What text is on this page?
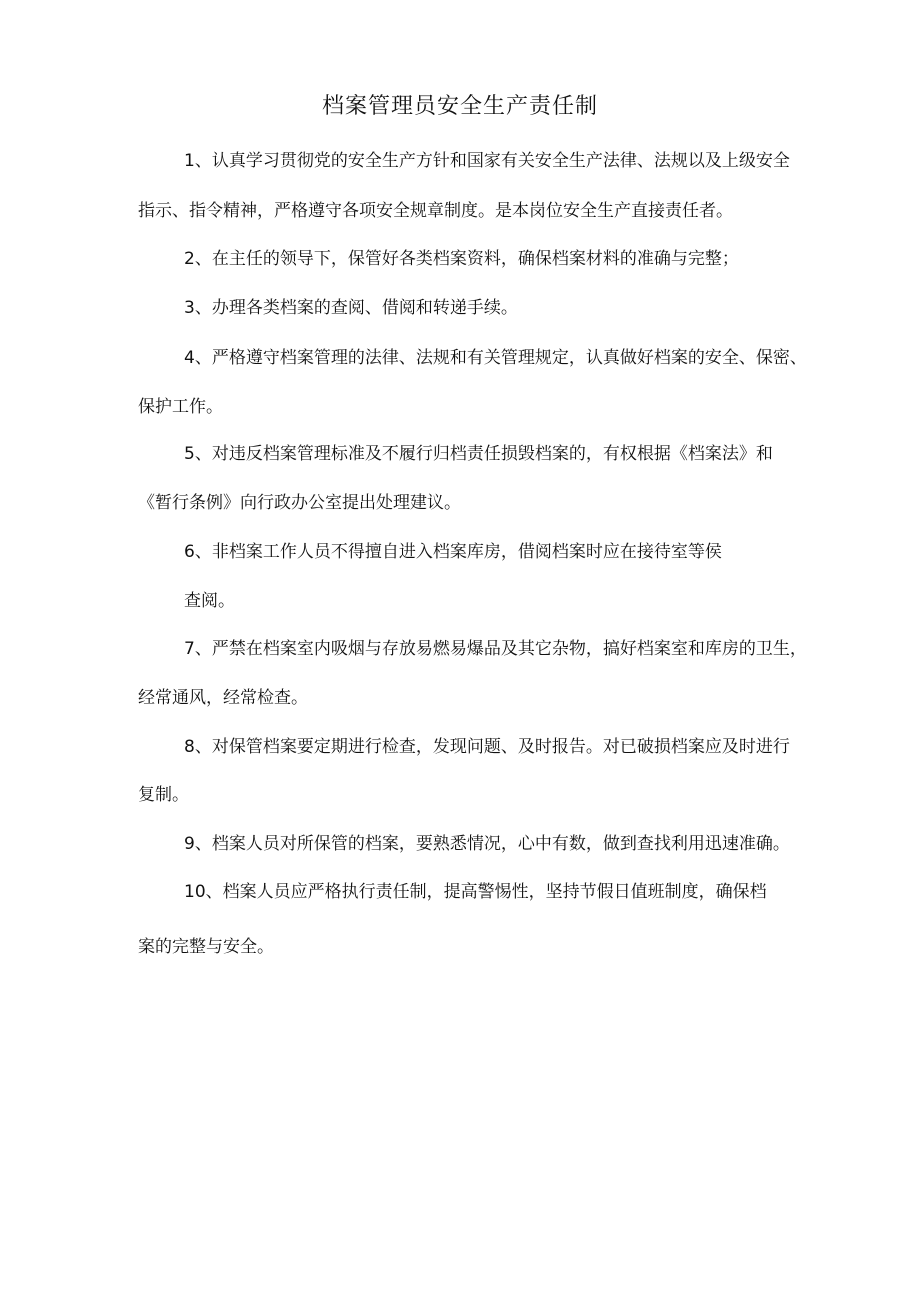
档案管理员安全生产责任制
1、认真学习贯彻党的安全生产方针和国家有关安全生产法律、法规以及上级安全
指示、指令精神，严格遵守各项安全规章制度。是本岗位安全生产直接责任者。
2、在主任的领导下，保管好各类档案资料，确保档案材料的准确与完整；
3、办理各类档案的查阅、借阅和转递手续。
4、严格遵守档案管理的法律、法规和有关管理规定，认真做好档案的安全、保密、
保护工作。
5、对违反档案管理标准及不履行归档责任损毁档案的，有权根据《档案法》和
《暂行条例》向行政办公室提出处理建议。
6、非档案工作人员不得擅自进入档案库房，借阅档案时应在接待室等侯
查阅。
7、严禁在档案室内吸烟与存放易燃易爆品及其它杂物，搞好档案室和库房的卫生，
经常通风，经常检查。
8、对保管档案要定期进行检查，发现问题、及时报告。对已破损档案应及时进行
复制。
9、档案人员对所保管的档案，要熟悉情况，心中有数，做到查找利用迅速准确。
10、档案人员应严格执行责任制，提高警惕性，坚持节假日值班制度，确保档
案的完整与安全。
